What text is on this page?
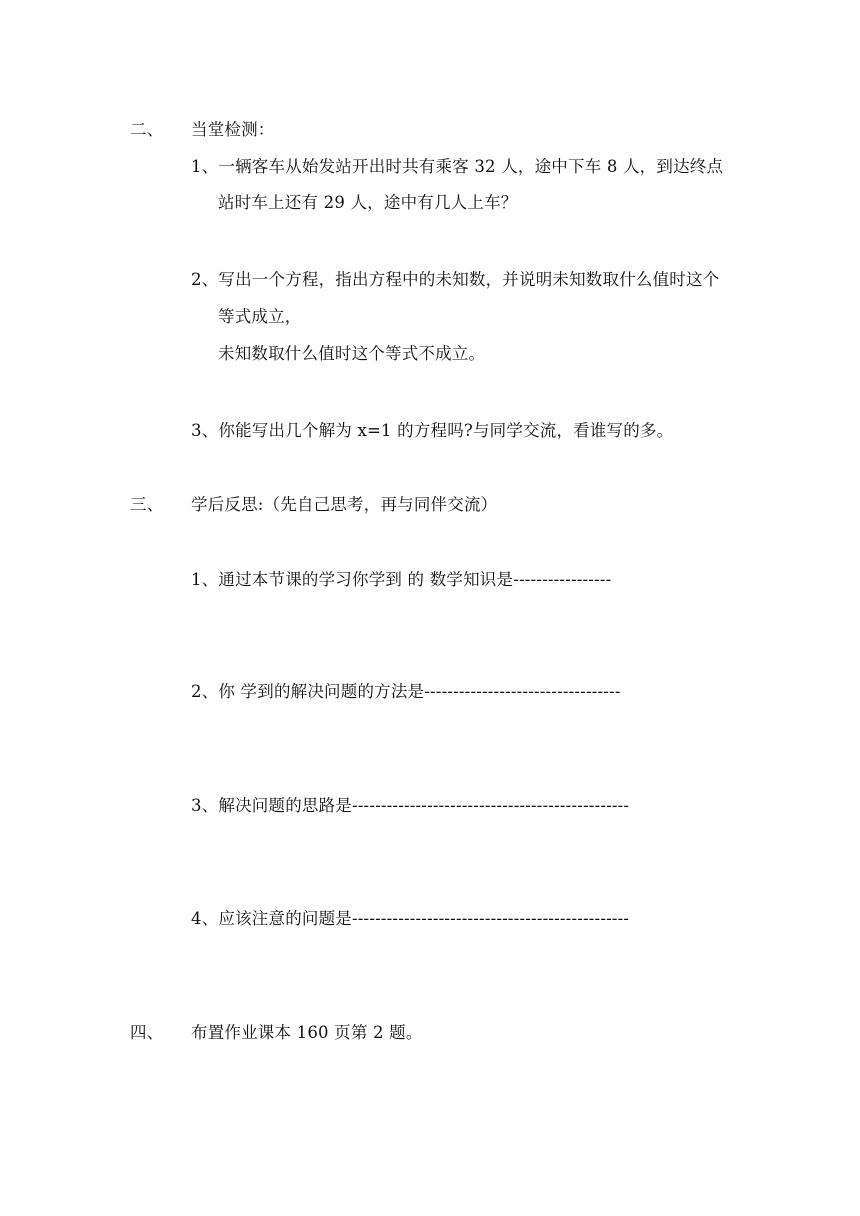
二、 当堂检测：
1、一辆客车从始发站开出时共有乘客 32 人，途中下车 8 人，到达终点
站时车上还有 29 人，途中有几人上车？
2、写出一个方程，指出方程中的未知数，并说明未知数取什么值时这个
等式成立，
未知数取什么值时这个等式不成立。
3、你能写出几个解为 x=1 的方程吗?与同学交流，看谁写的多。
三、 学后反思:（先自己思考，再与同伴交流）
1、通过本节课的学习你学到 的 数学知识是-----------------
2、你 学到的解决问题的方法是----------------------------------
3、解决问题的思路是------------------------------------------------
4、应该注意的问题是------------------------------------------------
四、 布置作业课本 160 页第 2 题。
